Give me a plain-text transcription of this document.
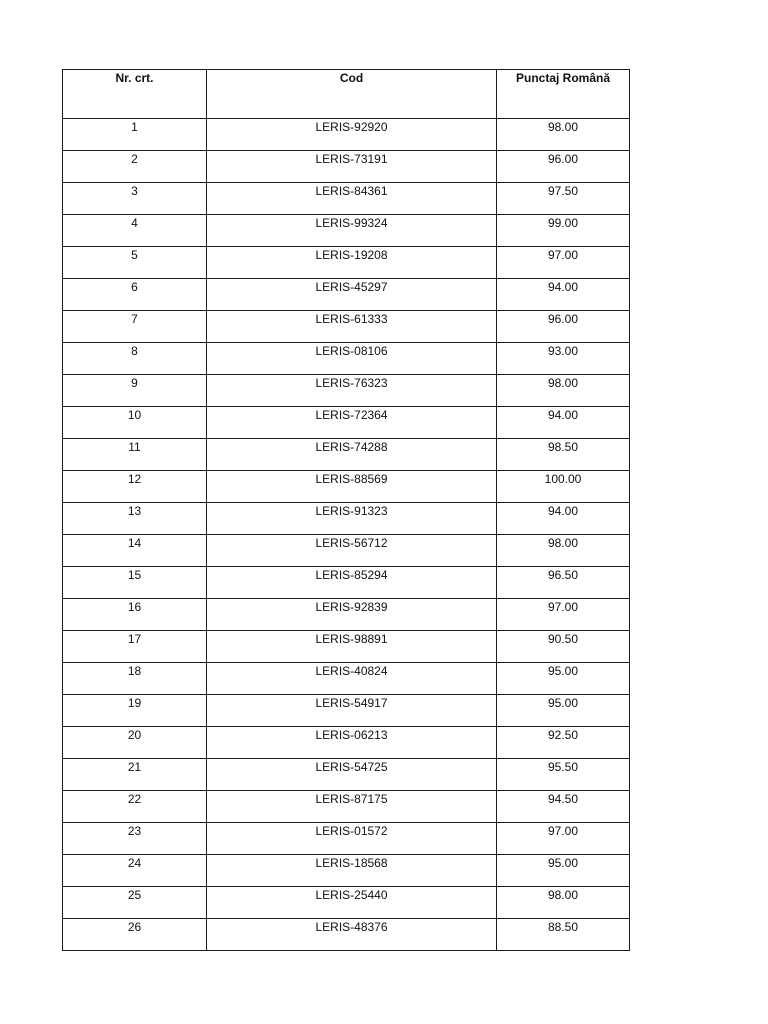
Nr. crt.	Cod	Punctaj Română
1	LERIS-92920	98.00
2	LERIS-73191	96.00
3	LERIS-84361	97.50
4	LERIS-99324	99.00
5	LERIS-19208	97.00
6	LERIS-45297	94.00
7	LERIS-61333	96.00
8	LERIS-08106	93.00
9	LERIS-76323	98.00
10	LERIS-72364	94.00
11	LERIS-74288	98.50
12	LERIS-88569	100.00
13	LERIS-91323	94.00
14	LERIS-56712	98.00
15	LERIS-85294	96.50
16	LERIS-92839	97.00
17	LERIS-98891	90.50
18	LERIS-40824	95.00
19	LERIS-54917	95.00
20	LERIS-06213	92.50
21	LERIS-54725	95.50
22	LERIS-87175	94.50
23	LERIS-01572	97.00
24	LERIS-18568	95.00
25	LERIS-25440	98.00
26	LERIS-48376	88.50
